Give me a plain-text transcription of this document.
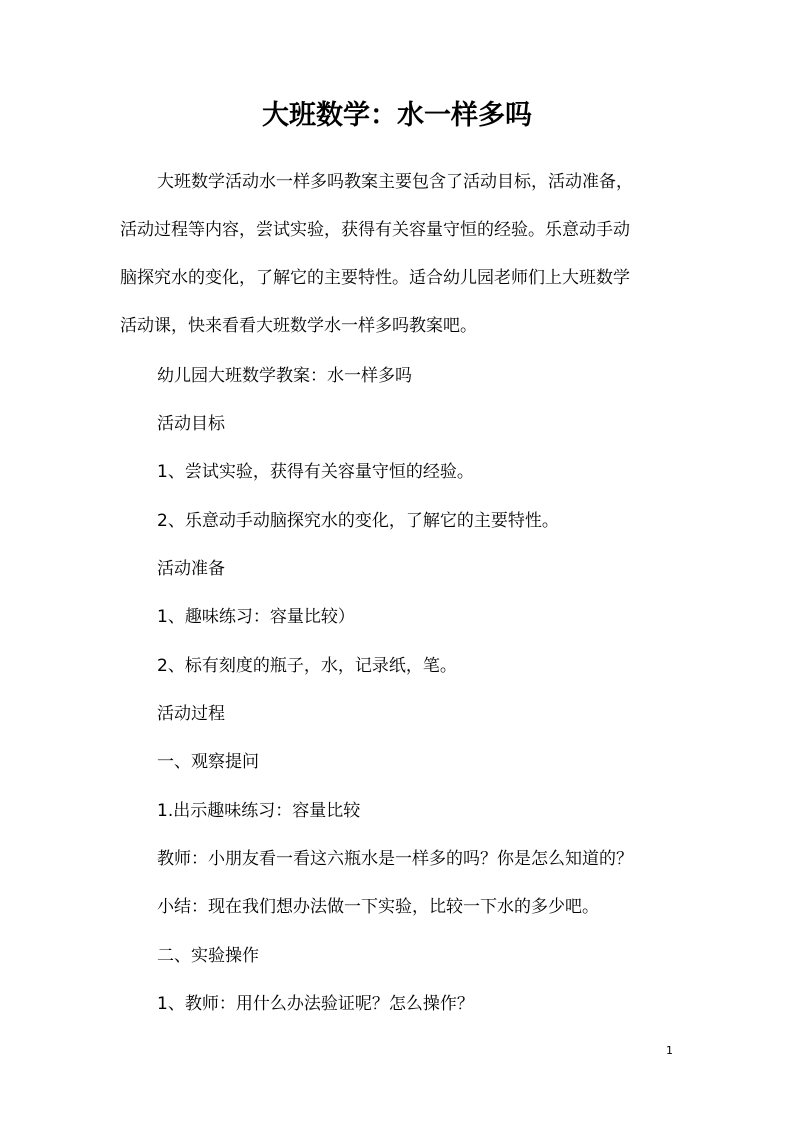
大班数学：水一样多吗
大班数学活动水一样多吗教案主要包含了活动目标，活动准备，
活动过程等内容，尝试实验，获得有关容量守恒的经验。乐意动手动
脑探究水的变化，了解它的主要特性。适合幼儿园老师们上大班数学
活动课，快来看看大班数学水一样多吗教案吧。
幼儿园大班数学教案：水一样多吗
活动目标
1、尝试实验，获得有关容量守恒的经验。
2、乐意动手动脑探究水的变化，了解它的主要特性。
活动准备
1、趣味练习：容量比较）
2、标有刻度的瓶子，水，记录纸，笔。
活动过程
一、观察提问
1.出示趣味练习：容量比较
教师：小朋友看一看这六瓶水是一样多的吗？你是怎么知道的？
小结：现在我们想办法做一下实验，比较一下水的多少吧。
二、实验操作
1、教师：用什么办法验证呢？怎么操作？
1
